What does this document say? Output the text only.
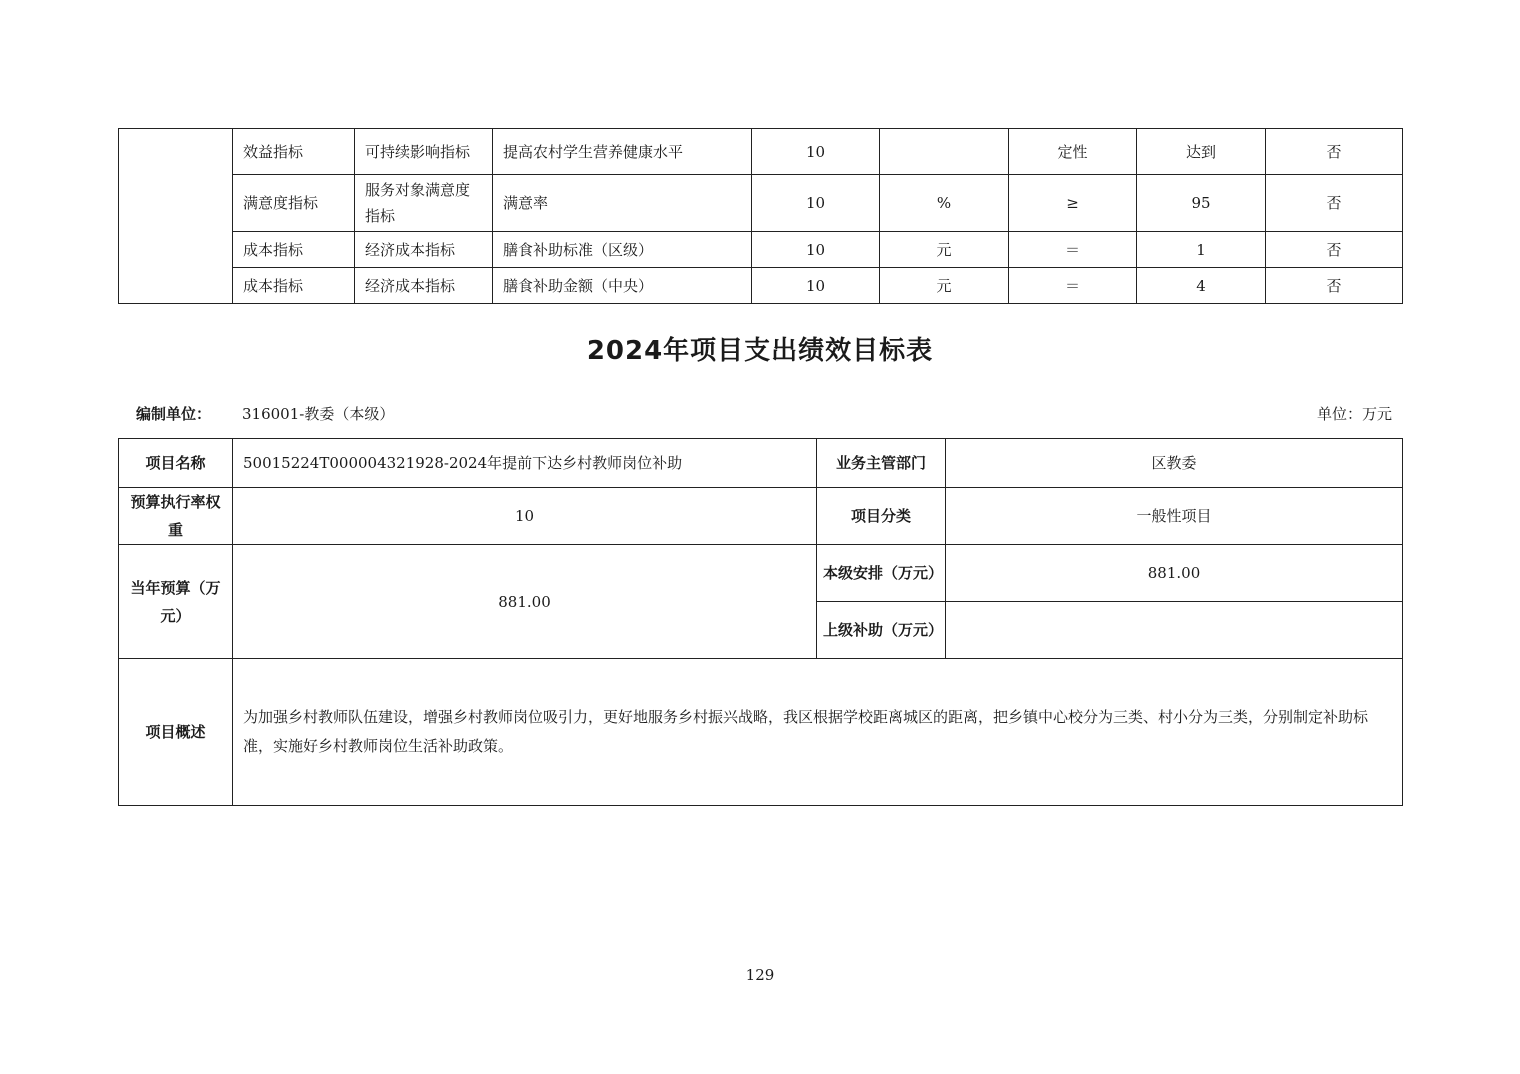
	效益指标	可持续影响指标	提高农村学生营养健康水平	10		定性	达到	否
	满意度指标	服务对象满意度指标	满意率	10	%	≥	95	否
	成本指标	经济成本指标	膳食补助标准（区级）	10	元	＝	1	否
	成本指标	经济成本指标	膳食补助金额（中央）	10	元	＝	4	否
2024年项目支出绩效目标表
编制单位： 316001-教委（本级）	单位：万元
项目名称	50015224T000004321928-2024年提前下达乡村教师岗位补助	业务主管部门	区教委
预算执行率权重	10	项目分类	一般性项目
当年预算（万元）	881.00	本级安排（万元）	881.00
		上级补助（万元）	
项目概述	为加强乡村教师队伍建设，增强乡村教师岗位吸引力，更好地服务乡村振兴战略，我区根据学校距离城区的距离，把乡镇中心校分为三类、村小分为三类，分别制定补助标准，实施好乡村教师岗位生活补助政策。		
129
